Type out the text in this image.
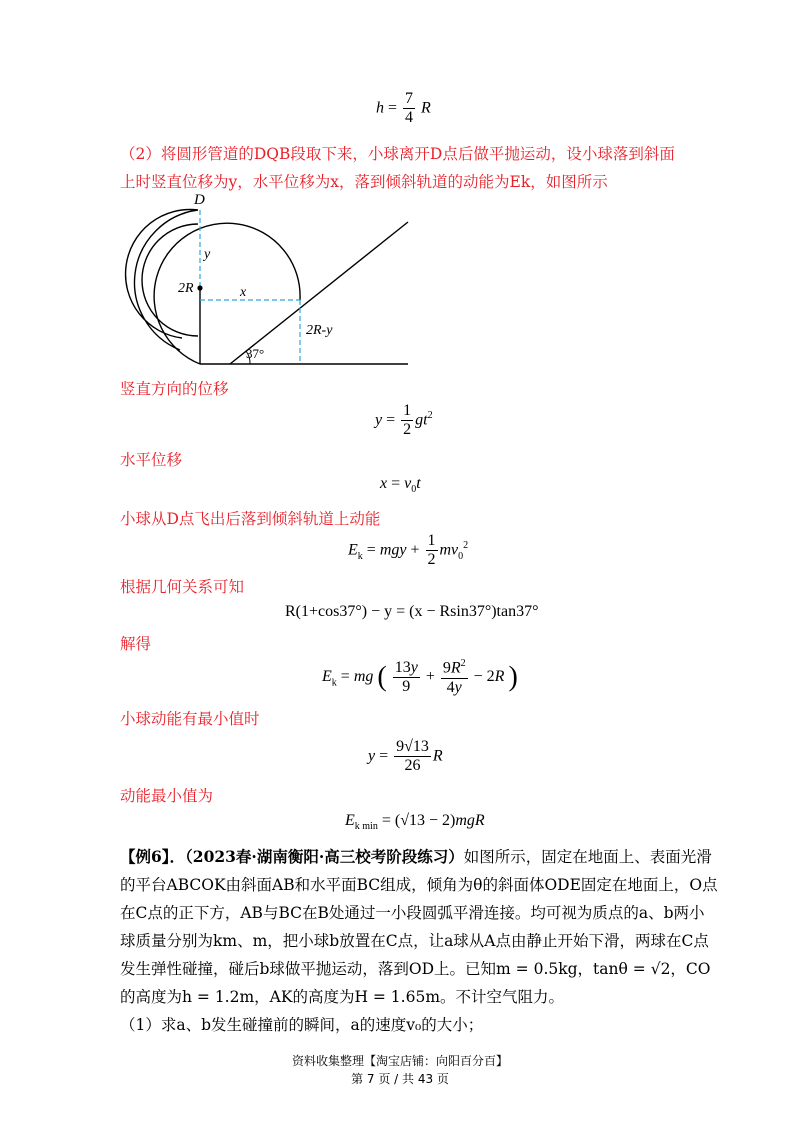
$h = \frac{7}{4}$ R
（2）将圆形管道的DQB段取下来，小球离开D点后做平抛运动，设小球落到斜面上时竖直位移为y，水平位移为x，落到倾斜轨道的动能为Ek，如图所示
D
y
2R	x
2R-y
37°
竖直方向的位移
$y = \frac{1}{2} gt^2$
水平位移
$x = v_0t$
小球从D点飞出后落到倾斜轨道上动能
$E_k$ = mgy + $\frac{1}{2} mv_0^2$
根据几何关系可知
R(1+cos37°) − y = (x − Rsin37°)tan37°
解得
$E_k$ = mg ( $\frac{13y}{9} + \frac{9R^2}{4y} - 2R$ )
小球动能有最小值时
$y = \frac{9√13}{26}$ R
动能最小值为
$E_{k min} = (√13 - 2)mgR$
【例6】．（2023春·湖南衡阳·高三校考阶段练习）如图所示，固定在地面上、表面光滑
的平台ABCOK由斜面AB和水平面BC组成，倾角为θ的斜面体ODE固定在地面上，O点
在C点的正下方，AB与BC在B处通过一小段圆弧平滑连接。均可视为质点的a、b两小
球质量分别为km、m，把小球b放置在C点，让a球从A点由静止开始下滑，两球在C点
发生弹性碰撞，碰后b球做平抛运动，落到OD上。已知m = 0.5kg，tanθ = √2，CO
的高度为h = 1.2m，AK的高度为H = 1.65m。不计空气阻力。
（1）求a、b发生碰撞前的瞬间，a的速度v₀的大小；
资料收集整理【淘宝店铺：向阳百分百】
第 7 页 / 共 43 页
